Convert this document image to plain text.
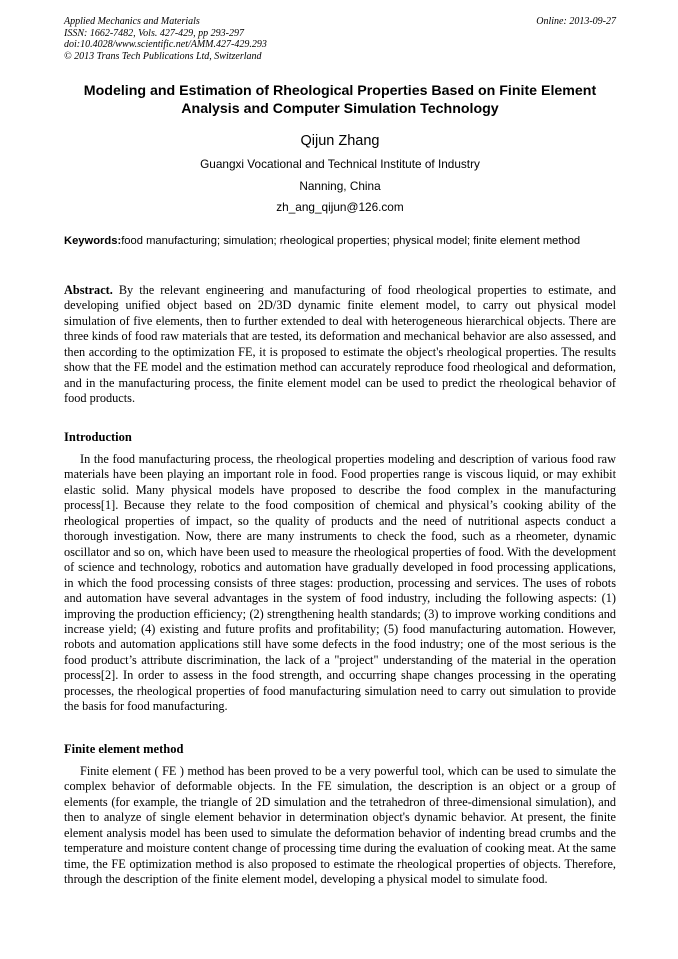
Applied Mechanics and Materials
ISSN: 1662-7482, Vols. 427-429, pp 293-297
doi:10.4028/www.scientific.net/AMM.427-429.293
© 2013 Trans Tech Publications Ltd, Switzerland
Online: 2013-09-27
Modeling and Estimation of Rheological Properties Based on Finite Element Analysis and Computer Simulation Technology
Qijun Zhang
Guangxi Vocational and Technical Institute of Industry
Nanning, China
zh_ang_qijun@126.com
Keywords:food manufacturing; simulation; rheological properties; physical model; finite element method
Abstract. By the relevant engineering and manufacturing of food rheological properties to estimate, and developing unified object based on 2D/3D dynamic finite element model, to carry out physical model simulation of five elements, then to further extended to deal with heterogeneous hierarchical objects. There are three kinds of food raw materials that are tested, its deformation and mechanical behavior are also assessed, and then according to the optimization FE, it is proposed to estimate the object's rheological properties. The results show that the FE model and the estimation method can accurately reproduce food rheological and deformation, and in the manufacturing process, the finite element model can be used to predict the rheological behavior of food products.
Introduction
In the food manufacturing process, the rheological properties modeling and description of various food raw materials have been playing an important role in food. Food properties range is viscous liquid, or may exhibit elastic solid. Many physical models have proposed to describe the food complex in the manufacturing process[1]. Because they relate to the food composition of chemical and physical’s cooking ability of the rheological properties of impact, so the quality of products and the need of nutritional aspects conduct a thorough investigation. Now, there are many instruments to check the food, such as a rheometer, dynamic oscillator and so on, which have been used to measure the rheological properties of food. With the development of science and technology, robotics and automation have gradually developed in food processing applications, in which the food processing consists of three stages: production, processing and services. The uses of robots and automation have several advantages in the system of food industry, including the following aspects: (1) improving the production efficiency; (2) strengthening health standards; (3) to improve working conditions and increase yield; (4) existing and future profits and profitability; (5) food manufacturing automation. However, robots and automation applications still have some defects in the food industry; one of the most serious is the food product’s attribute discrimination, the lack of a "project" understanding of the material in the operation process[2]. In order to assess in the food strength, and occurring shape changes processing in the operating processes, the rheological properties of food manufacturing simulation need to carry out simulation to provide the basis for food manufacturing.
Finite element method
Finite element ( FE ) method has been proved to be a very powerful tool, which can be used to simulate the complex behavior of deformable objects. In the FE simulation, the description is an object or a group of elements (for example, the triangle of 2D simulation and the tetrahedron of three-dimensional simulation), and then to analyze of single element behavior in determination object's dynamic behavior. At present, the finite element analysis model has been used to simulate the deformation behavior of indenting bread crumbs and the temperature and moisture content change of processing time during the evaluation of cooking meat. At the same time, the FE optimization method is also proposed to estimate the rheological properties of objects. Therefore, through the description of the finite element model, developing a physical model to simulate food.
